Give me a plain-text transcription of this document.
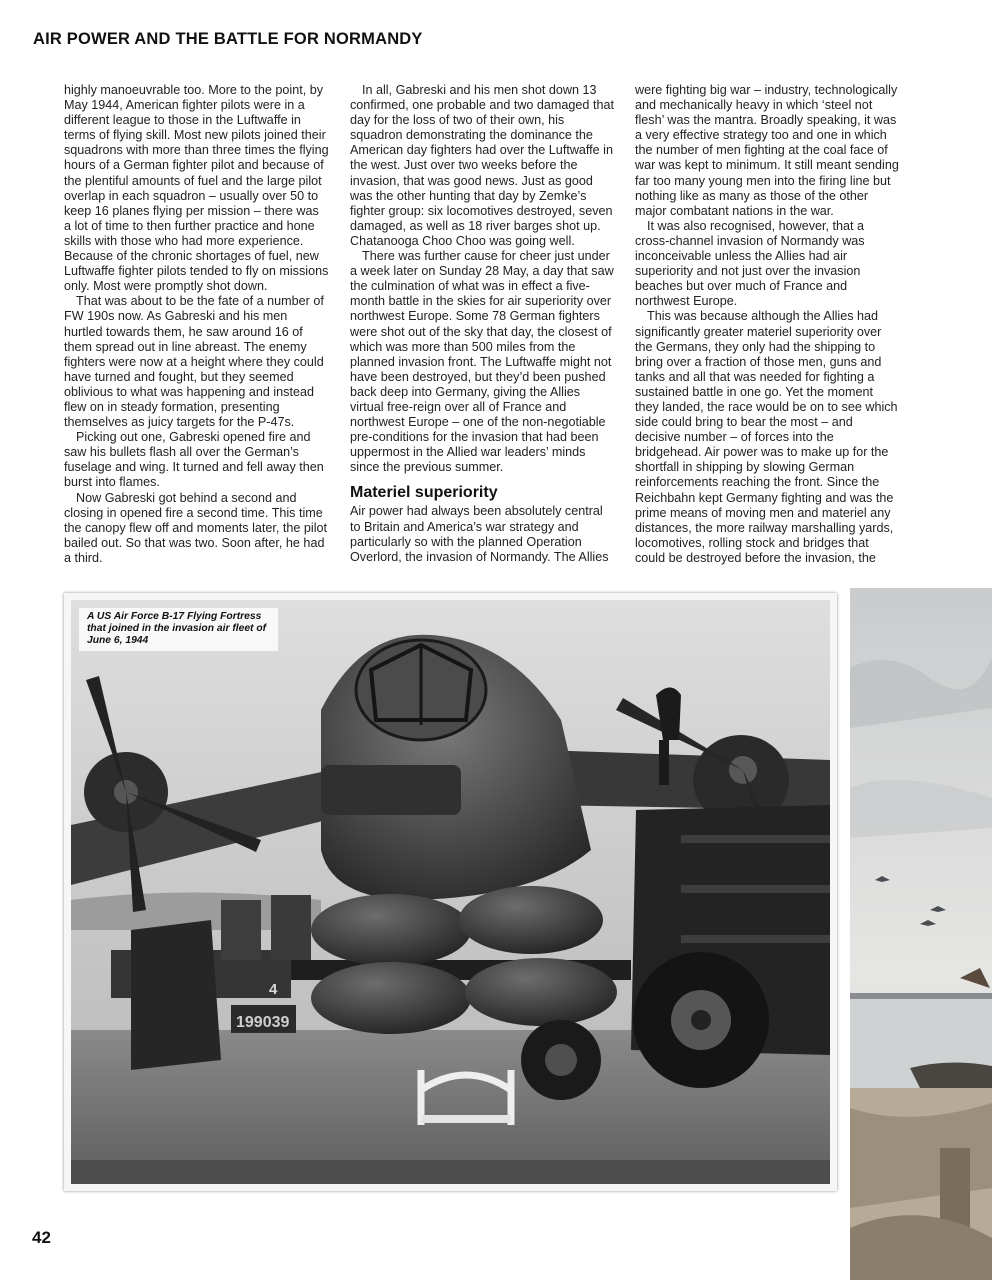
AIR POWER AND THE BATTLE FOR NORMANDY

highly manoeuvrable too. More to the point, by May 1944, American fighter pilots were in a different league to those in the Luftwaffe in terms of flying skill. Most new pilots joined their squadrons with more than three times the flying hours of a German fighter pilot and because of the plentiful amounts of fuel and the large pilot overlap in each squadron – usually over 50 to keep 16 planes flying per mission – there was a lot of time to then further practice and hone skills with those who had more experience. Because of the chronic shortages of fuel, new Luftwaffe fighter pilots tended to fly on missions only. Most were promptly shot down.

That was about to be the fate of a number of FW 190s now. As Gabreski and his men hurtled towards them, he saw around 16 of them spread out in line abreast. The enemy fighters were now at a height where they could have turned and fought, but they seemed oblivious to what was happening and instead flew on in steady formation, presenting themselves as juicy targets for the P-47s.

Picking out one, Gabreski opened fire and saw his bullets flash all over the German’s fuselage and wing. It turned and fell away then burst into flames.

Now Gabreski got behind a second and closing in opened fire a second time. This time the canopy flew off and moments later, the pilot bailed out. So that was two. Soon after, he had a third.

In all, Gabreski and his men shot down 13 confirmed, one probable and two damaged that day for the loss of two of their own, his squadron demonstrating the dominance the American day fighters had over the Luftwaffe in the west. Just over two weeks before the invasion, that was good news. Just as good was the other hunting that day by Zemke’s fighter group: six locomotives destroyed, seven damaged, as well as 18 river barges shot up. Chatanooga Choo Choo was going well.

There was further cause for cheer just under a week later on Sunday 28 May, a day that saw the culmination of what was in effect a five-month battle in the skies for air superiority over northwest Europe. Some 78 German fighters were shot out of the sky that day, the closest of which was more than 500 miles from the planned invasion front. The Luftwaffe might not have been destroyed, but they’d been pushed back deep into Germany, giving the Allies virtual free-reign over all of France and northwest Europe – one of the non-negotiable pre-conditions for the invasion that had been uppermost in the Allied war leaders’ minds since the previous summer.

Materiel superiority

Air power had always been absolutely central to Britain and America’s war strategy and particularly so with the planned Operation Overlord, the invasion of Normandy. The Allies

were fighting big war – industry, technologically and mechanically heavy in which ‘steel not flesh’ was the mantra. Broadly speaking, it was a very effective strategy too and one in which the number of men fighting at the coal face of war was kept to minimum. It still meant sending far too many young men into the firing line but nothing like as many as those of the other major combatant nations in the war.

It was also recognised, however, that a cross-channel invasion of Normandy was inconceivable unless the Allies had air superiority and not just over the invasion beaches but over much of France and northwest Europe.

This was because although the Allies had significantly greater materiel superiority over the Germans, they only had the shipping to bring over a fraction of those men, guns and tanks and all that was needed for fighting a sustained battle in one go. Yet the moment they landed, the race would be on to see which side could bring to bear the most – and decisive number – of forces into the bridgehead. Air power was to make up for the shortfall in shipping by slowing German reinforcements reaching the front. Since the Reichbahn kept Germany fighting and was the prime means of moving men and materiel any distances, the more railway marshalling yards, locomotives, rolling stock and bridges that could be destroyed before the invasion, the

4
199039
A US Air Force B-17 Flying Fortress that joined in the invasion air fleet of June 6, 1944
42
